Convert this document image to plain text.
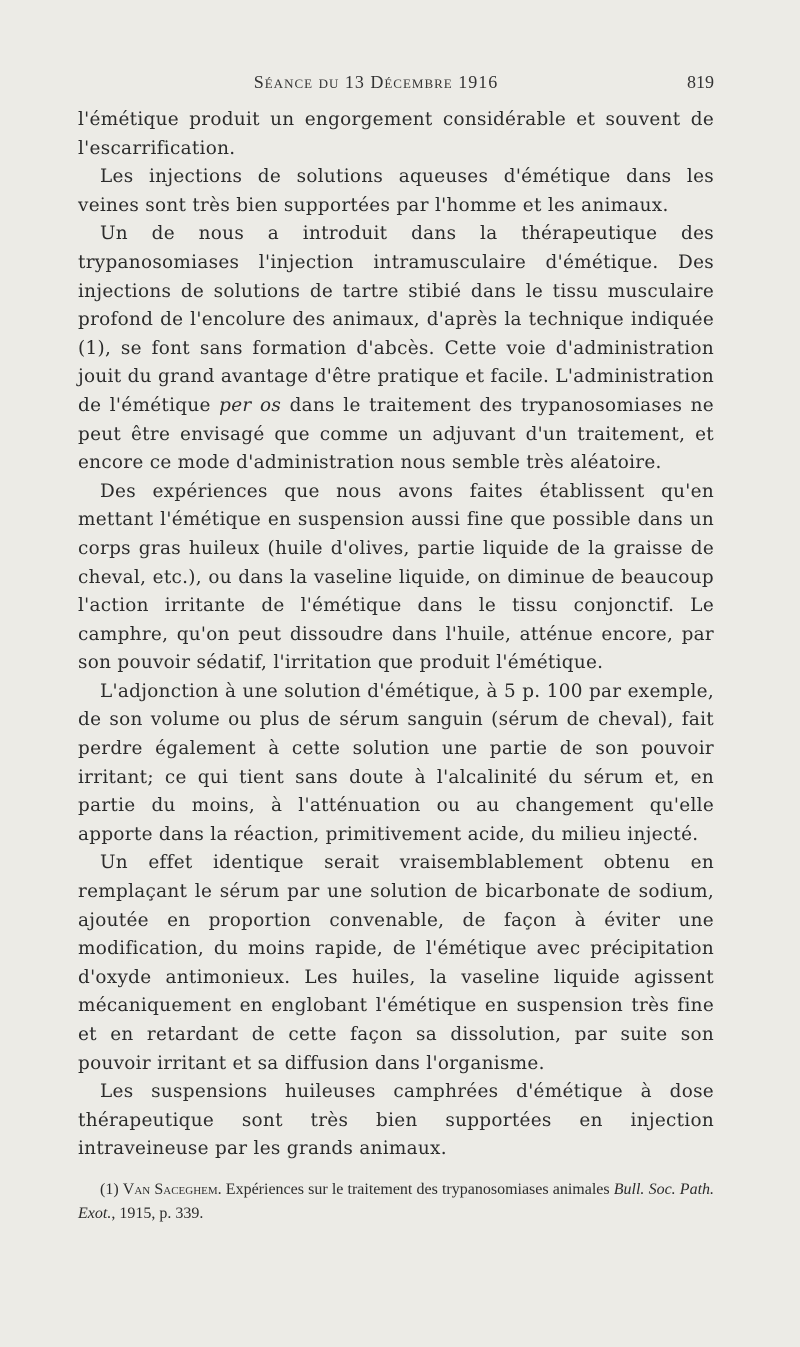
Séance du 13 Décembre 1916	819

l'émétique produit un engorgement considérable et souvent de l'escarrification.

Les injections de solutions aqueuses d'émétique dans les veines sont très bien supportées par l'homme et les animaux.

Un de nous a introduit dans la thérapeutique des trypanosomiases l'injection intramusculaire d'émétique. Des injections de solutions de tartre stibié dans le tissu musculaire profond de l'encolure des animaux, d'après la technique indiquée (1), se font sans formation d'abcès. Cette voie d'administration jouit du grand avantage d'être pratique et facile. L'administration de l'émétique per os dans le traitement des trypanosomiases ne peut être envisagé que comme un adjuvant d'un traitement, et encore ce mode d'administration nous semble très aléatoire.

Des expériences que nous avons faites établissent qu'en mettant l'émétique en suspension aussi fine que possible dans un corps gras huileux (huile d'olives, partie liquide de la graisse de cheval, etc.), ou dans la vaseline liquide, on diminue de beaucoup l'action irritante de l'émétique dans le tissu conjonctif. Le camphre, qu'on peut dissoudre dans l'huile, atténue encore, par son pouvoir sédatif, l'irritation que produit l'émétique.

L'adjonction à une solution d'émétique, à 5 p. 100 par exemple, de son volume ou plus de sérum sanguin (sérum de cheval), fait perdre également à cette solution une partie de son pouvoir irritant; ce qui tient sans doute à l'alcalinité du sérum et, en partie du moins, à l'atténuation ou au changement qu'elle apporte dans la réaction, primitivement acide, du milieu injecté.

Un effet identique serait vraisemblablement obtenu en remplaçant le sérum par une solution de bicarbonate de sodium, ajoutée en proportion convenable, de façon à éviter une modification, du moins rapide, de l'émétique avec précipitation d'oxyde antimonieux. Les huiles, la vaseline liquide agissent mécaniquement en englobant l'émétique en suspension très fine et en retardant de cette façon sa dissolution, par suite son pouvoir irritant et sa diffusion dans l'organisme.

Les suspensions huileuses camphrées d'émétique à dose thérapeutique sont très bien supportées en injection intraveineuse par les grands animaux.

(1) Van Saceghem. Expériences sur le traitement des trypanosomiases animales Bull. Soc. Path. Exot., 1915, p. 339.
